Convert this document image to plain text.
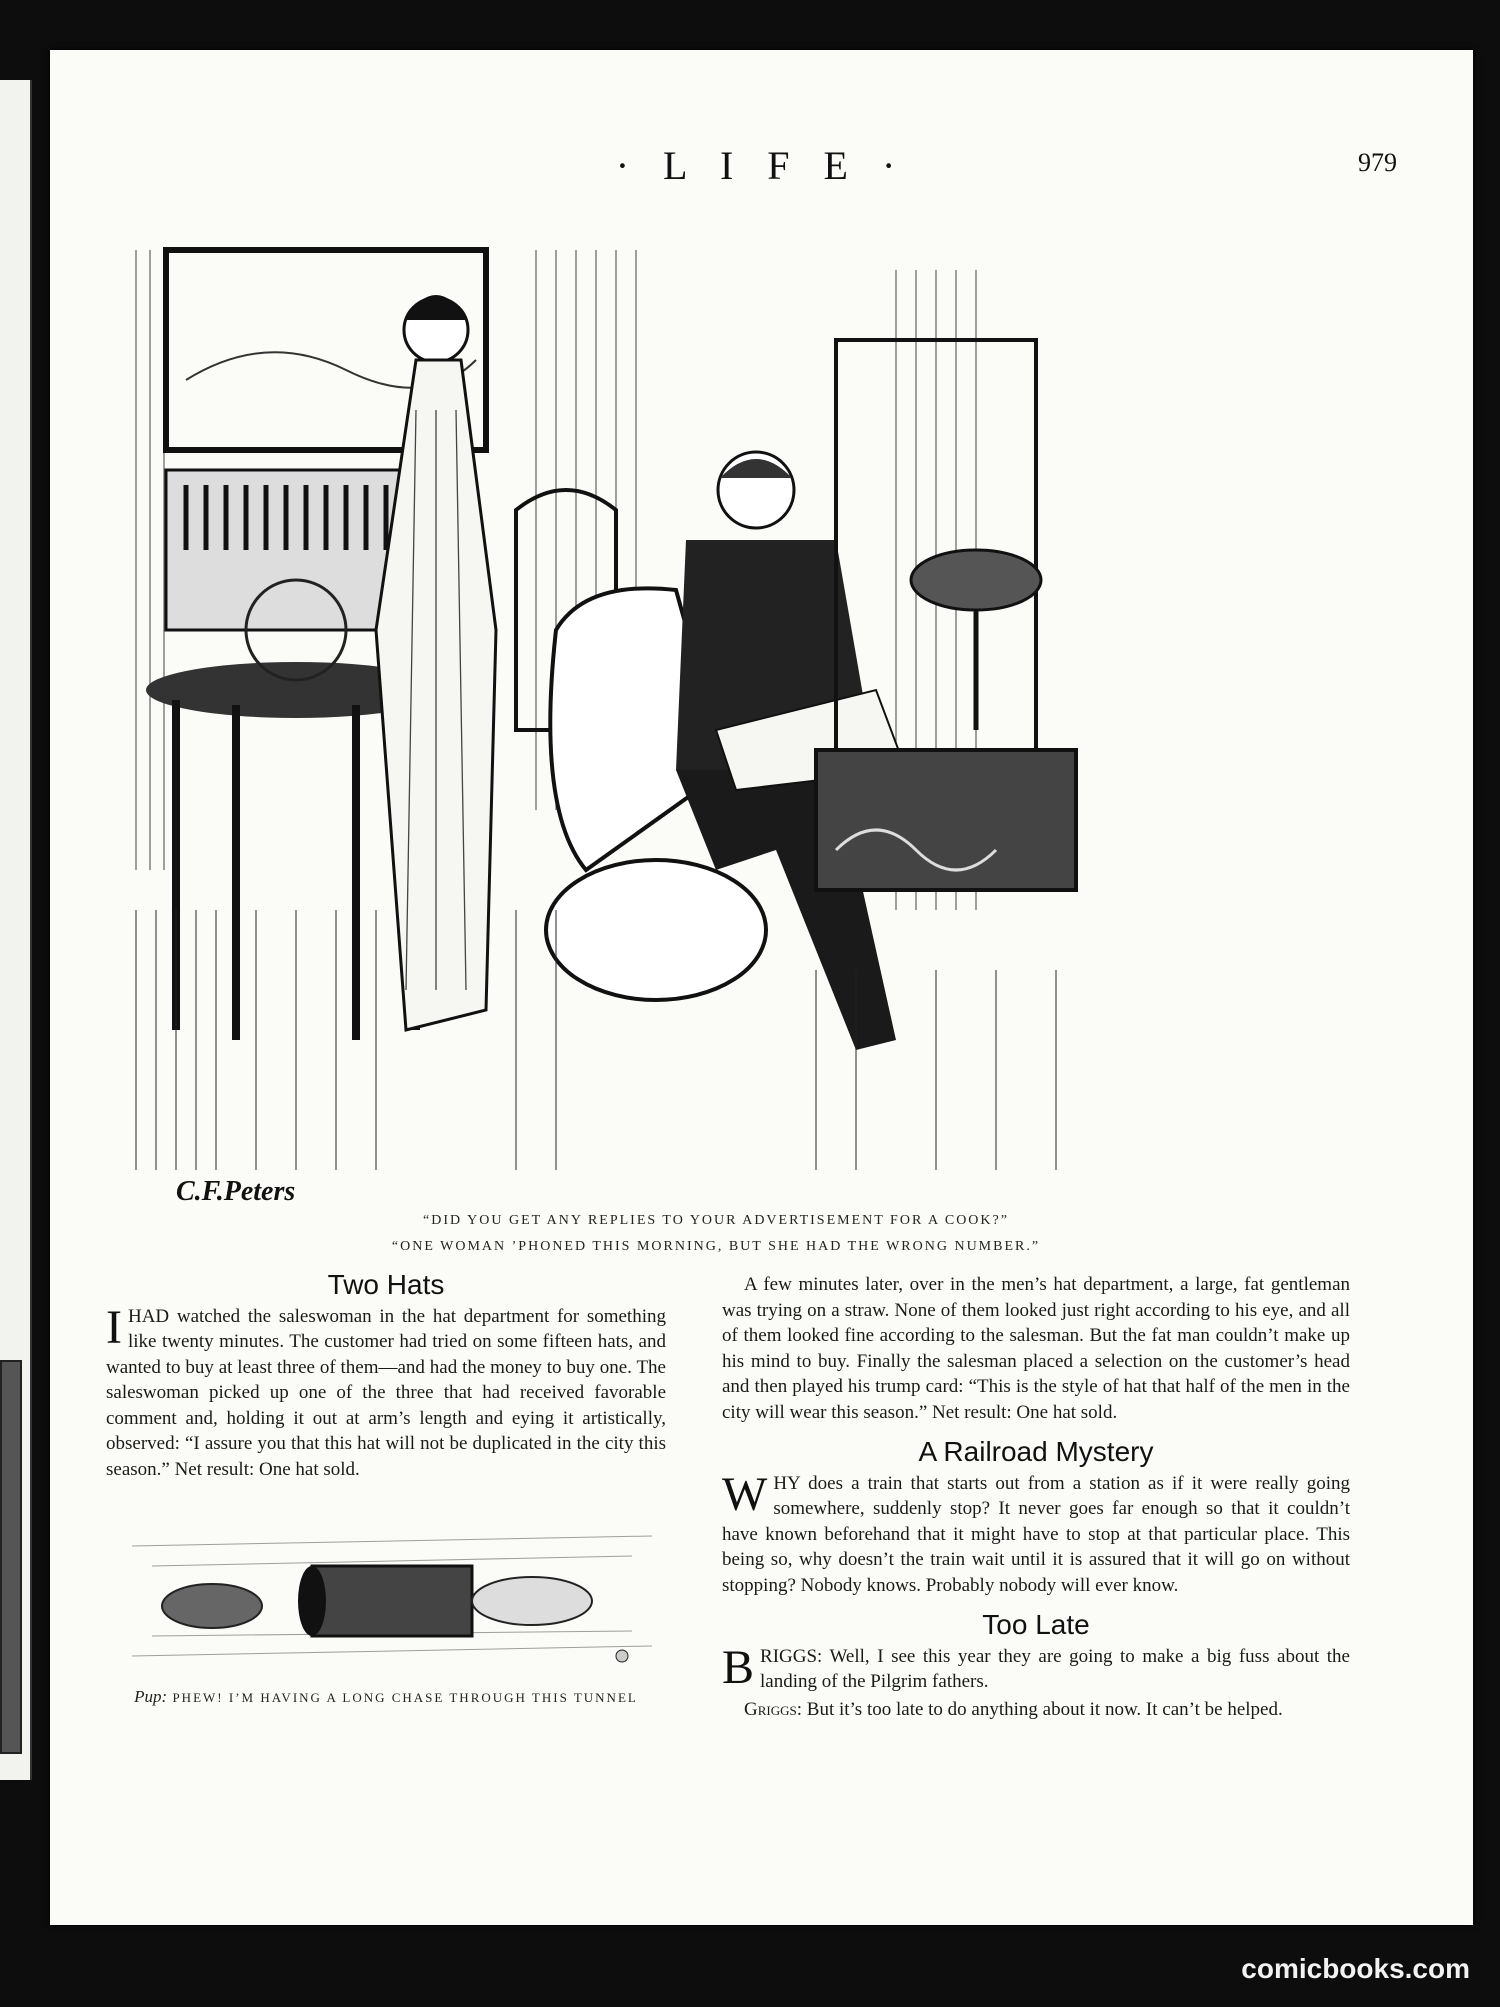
· L I F E ·	979
C.F.Peters
“DID YOU GET ANY REPLIES TO YOUR ADVERTISEMENT FOR A COOK?”
“ONE WOMAN ’PHONED THIS MORNING, BUT SHE HAD THE WRONG NUMBER.”
Two Hats

IHAD watched the saleswoman in the hat department for something like twenty minutes. The customer had tried on some fifteen hats, and wanted to buy at least three of them—and had the money to buy one. The saleswoman picked up one of the three that had received favorable comment and, holding it out at arm’s length and eying it artistically, observed: “I assure you that this hat will not be duplicated in the city this season.” Net result: One hat sold.

Pup: PHEW! I’M HAVING A LONG CHASE THROUGH THIS TUNNEL

A few minutes later, over in the men’s hat department, a large, fat gentleman was trying on a straw. None of them looked just right according to his eye, and all of them looked fine according to the salesman. But the fat man couldn’t make up his mind to buy. Finally the salesman placed a selection on the customer’s head and then played his trump card: “This is the style of hat that half of the men in the city will wear this season.” Net result: One hat sold.

A Railroad Mystery

WHY does a train that starts out from a station as if it were really going somewhere, suddenly stop? It never goes far enough so that it couldn’t have known beforehand that it might have to stop at that particular place. This being so, why doesn’t the train wait until it is assured that it will go on without stopping? Nobody knows. Probably nobody will ever know.

Too Late

BRIGGS: Well, I see this year they are going to make a big fuss about the landing of the Pilgrim fathers.

Griggs: But it’s too late to do anything about it now. It can’t be helped.

comicbooks.com
